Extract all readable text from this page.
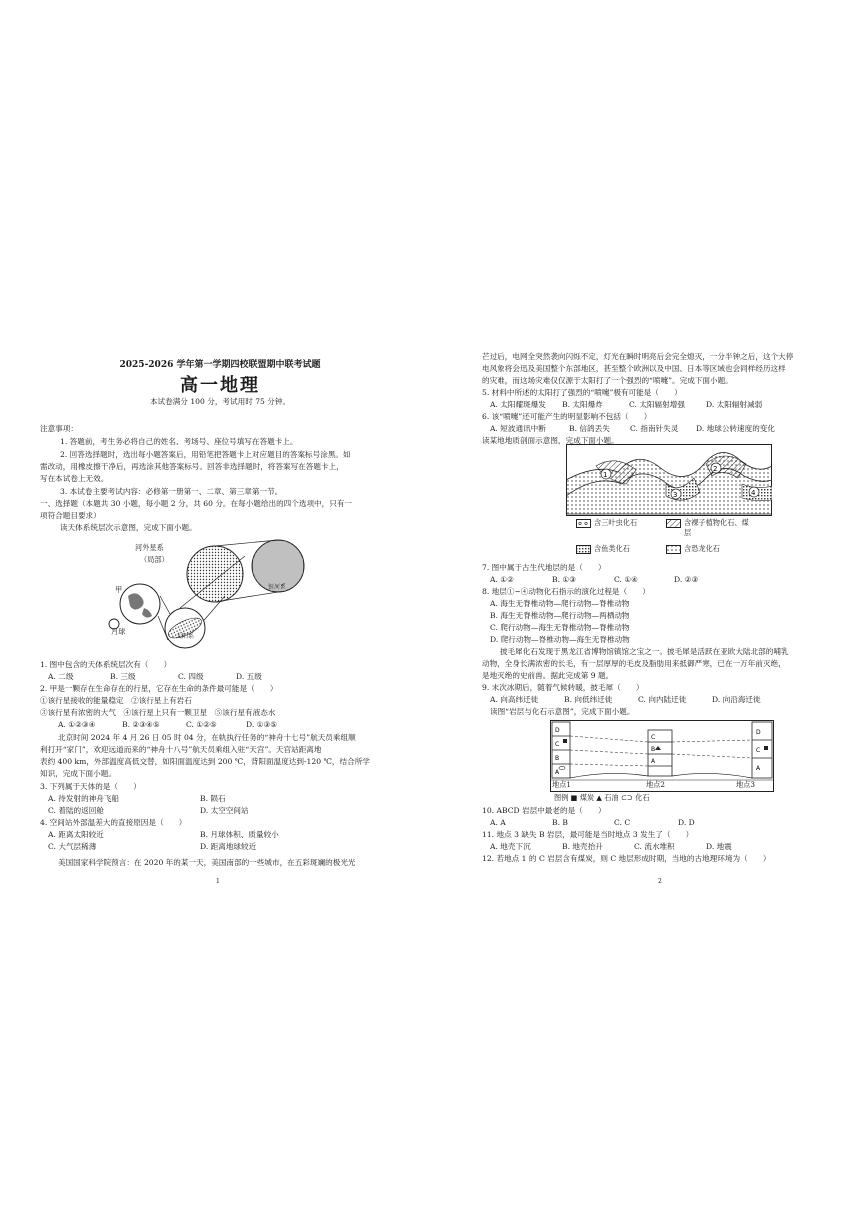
2025-2026 学年第一学期四校联盟期中联考试题
高一地理
本试卷满分 100 分，考试用时 75 分钟。
注意事项：
1. 答题前，考生务必将自己的姓名、考场号、座位号填写在答题卡上。
2. 回答选择题时，选出每小题答案后，用铅笔把答题卡上对应题目的答案标号涂黑。如
需改动，用橡皮擦干净后，再选涂其他答案标号。回答非选择题时，将答案写在答题卡上，
写在本试卷上无效。
3. 本试卷主要考试内容：必修第一册第一、二章、第三章第一节。
一、选择题（本题共 30 小题，每小题 2 分，共 60 分。在每小题给出的四个选项中，只有一
项符合题目要求）
读天体系统层次示意图，完成下面小题。
河外星系
（局部）
银河系
甲
月球
太阳系
1. 图中包含的天体系统层次有（　　）
A. 二级	B. 三级	C. 四级	D. 五级
2. 甲是一颗存在生命存在的行星，它存在生命的条件最可能是（　　）
①该行星接收的能量稳定　②该行星上有岩石
③该行星有浓密的大气　④该行星上只有一颗卫星　⑤该行星有液态水
A. ①②③④	B. ②③④⑤	C. ①②⑤	D. ①③⑤
北京时间 2024 年 4 月 26 日 05 时 04 分，在轨执行任务的“神舟十七号”航天员乘组顺
利打开“家门”，欢迎远道而来的“神舟十八号”航天员乘组入驻“天宫”。天宫站距离地
表约 400 km，外部温度高低交替，如阳面温度达到 200 ℃，背阳面温度达到-120 ℃，结合所学
知识，完成下面小题。
3. 下列属于天体的是（　　）
A. 待发射的神舟飞船	B. 陨石
C. 着陆的返回舱	D. 太空空间站
4. 空间站外部温差大的直接原因是（　　）
A. 距离太阳较近	B. 月球体积、质量较小
C. 大气层稀薄	D. 距离地球较近
美国国家科学院预言：在 2020 年的某一天，美国南部的一些城市，在五彩斑斓的极光光
1
芒过后，电网全突然袭向闪烁不定，灯光在瞬时明亮后会完全熄灭，一分半钟之后，这个大停
电风象将会迅及美国整个东部地区，甚至整个欧洲以及中国、日本等区域也会同样经历这样
的灾难，而这场灾难仅仅源于太阳打了一个强烈的“喷嚏”。完成下面小题。
5. 材料中所述的太阳打了强烈的“喷嚏”极有可能是（　　）
A. 太阳耀斑爆发 B. 太阳爆炸	C. 太阳辐射增强	D. 太阳辐射减弱
6. 该“喷嚏”还可能产生的明显影响不包括（　　）
A. 短波通讯中断	B. 信鸽丢失	C. 指南针失灵 D. 地球公转速度的变化
读某地地质剖面示意图，完成下面小题。
1
2
3	4
含三叶虫化石	含裸子植物化石、煤层
含鱼类化石	含恐龙化石
7. 图中属于古生代地层的是（　　）
A. ①②	B. ①③	C. ①④	D. ②③
8. 地层①~④动物化石指示的演化过程是（　　）
A. 海生无脊椎动物—爬行动物—脊椎动物
B. 海生无脊椎动物—爬行动物—两栖动物
C. 爬行动物—海生无脊椎动物—脊椎动物
D. 爬行动物—脊椎动物—海生无脊椎动物
披毛犀化石发现于黑龙江省博物馆镇馆之宝之一。披毛犀是活跃在亚欧大陆北部的哺乳
动物，全身长满浓密的长毛，有一层厚厚的毛皮及脂肪用来抵御严寒，已在一万年前灭绝，
是地灭绝的史前兽。据此完成第 9 题。
9. 末次冰期后，随着气候转暖，披毛犀（　　）
A. 向高纬迁徙	B. 向低纬迁徙	C. 向内陆迁徙	D. 向沿海迁徙
读图“岩层与化石示意图”，完成下面小题。
D
C
B
A
C
B
A
D
C
A
地点1	地点2	地点3
图例 ■ 煤炭 ▲ 石油 ⊂⊃ 化石
10. ABCD 岩层中最老的是（　　）
A. A	B. B	C. C	D. D
11. 地点 3 缺失 B 岩层，最可能是当时地点 3 发生了（　　）
A. 地壳下沉	B. 地壳抬升	C. 流水堆积	D. 地震
12. 若地点 1 的 C 岩层含有煤炭，则 C 地层形成时期，当地的古地理环境为（　　）
2
